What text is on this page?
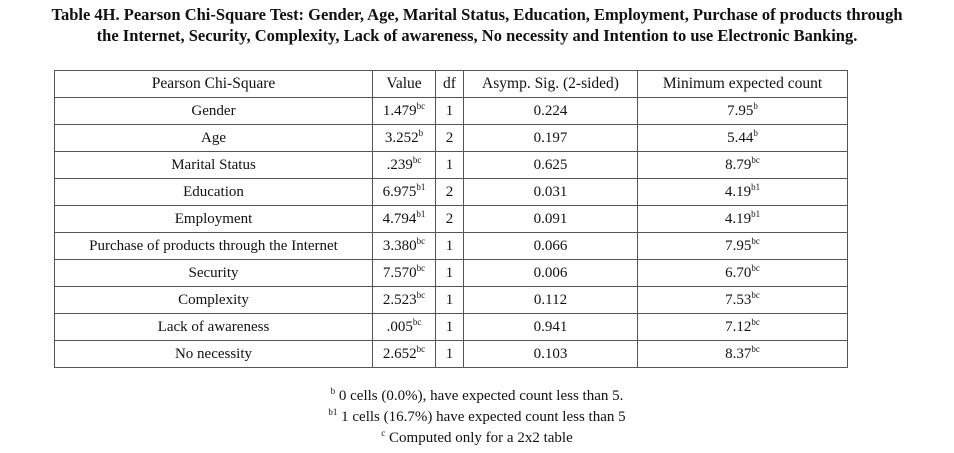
Table 4H. Pearson Chi-Square Test: Gender, Age, Marital Status, Education, Employment, Purchase of products through
the Internet, Security, Complexity, Lack of awareness, No necessity and Intention to use Electronic Banking.
Pearson Chi-Square	Value	df	Asymp. Sig. (2-sided)	Minimum expected count
Gender	1.479$^{bc}$	1	0.224	7.95$^b$
Age	3.252$^b$	2	0.197	5.44$^b$
Marital Status	.239$^{bc}$	1	0.625	8.79$^{bc}$
Education	$6.975^{b1}$	2	0.031	$4.19^{b1}$
Employment	$4.794^{b1}$	2	0.091	$4.19^{b1}$
Purchase of products through the Internet	3.380$^{bc}$	1	0.066	7.95$^{bc}$
Security	7.570$^{bc}$	1	0.006	6.70$^{bc}$
Complexity	2.523$^{bc}$	1	0.112	7.53$^{bc}$
Lack of awareness	.005$^{bc}$	1	0.941	7.12$^{bc}$
No necessity	2.652$^{bc}$	1	0.103	8.37$^{bc}$
$^b$ 0 cells (0.0%), have expected count less than 5.
$^{b1}$ 1 cells (16.7%) have expected count less than 5
$^c$ Computed only for a 2x2 table
